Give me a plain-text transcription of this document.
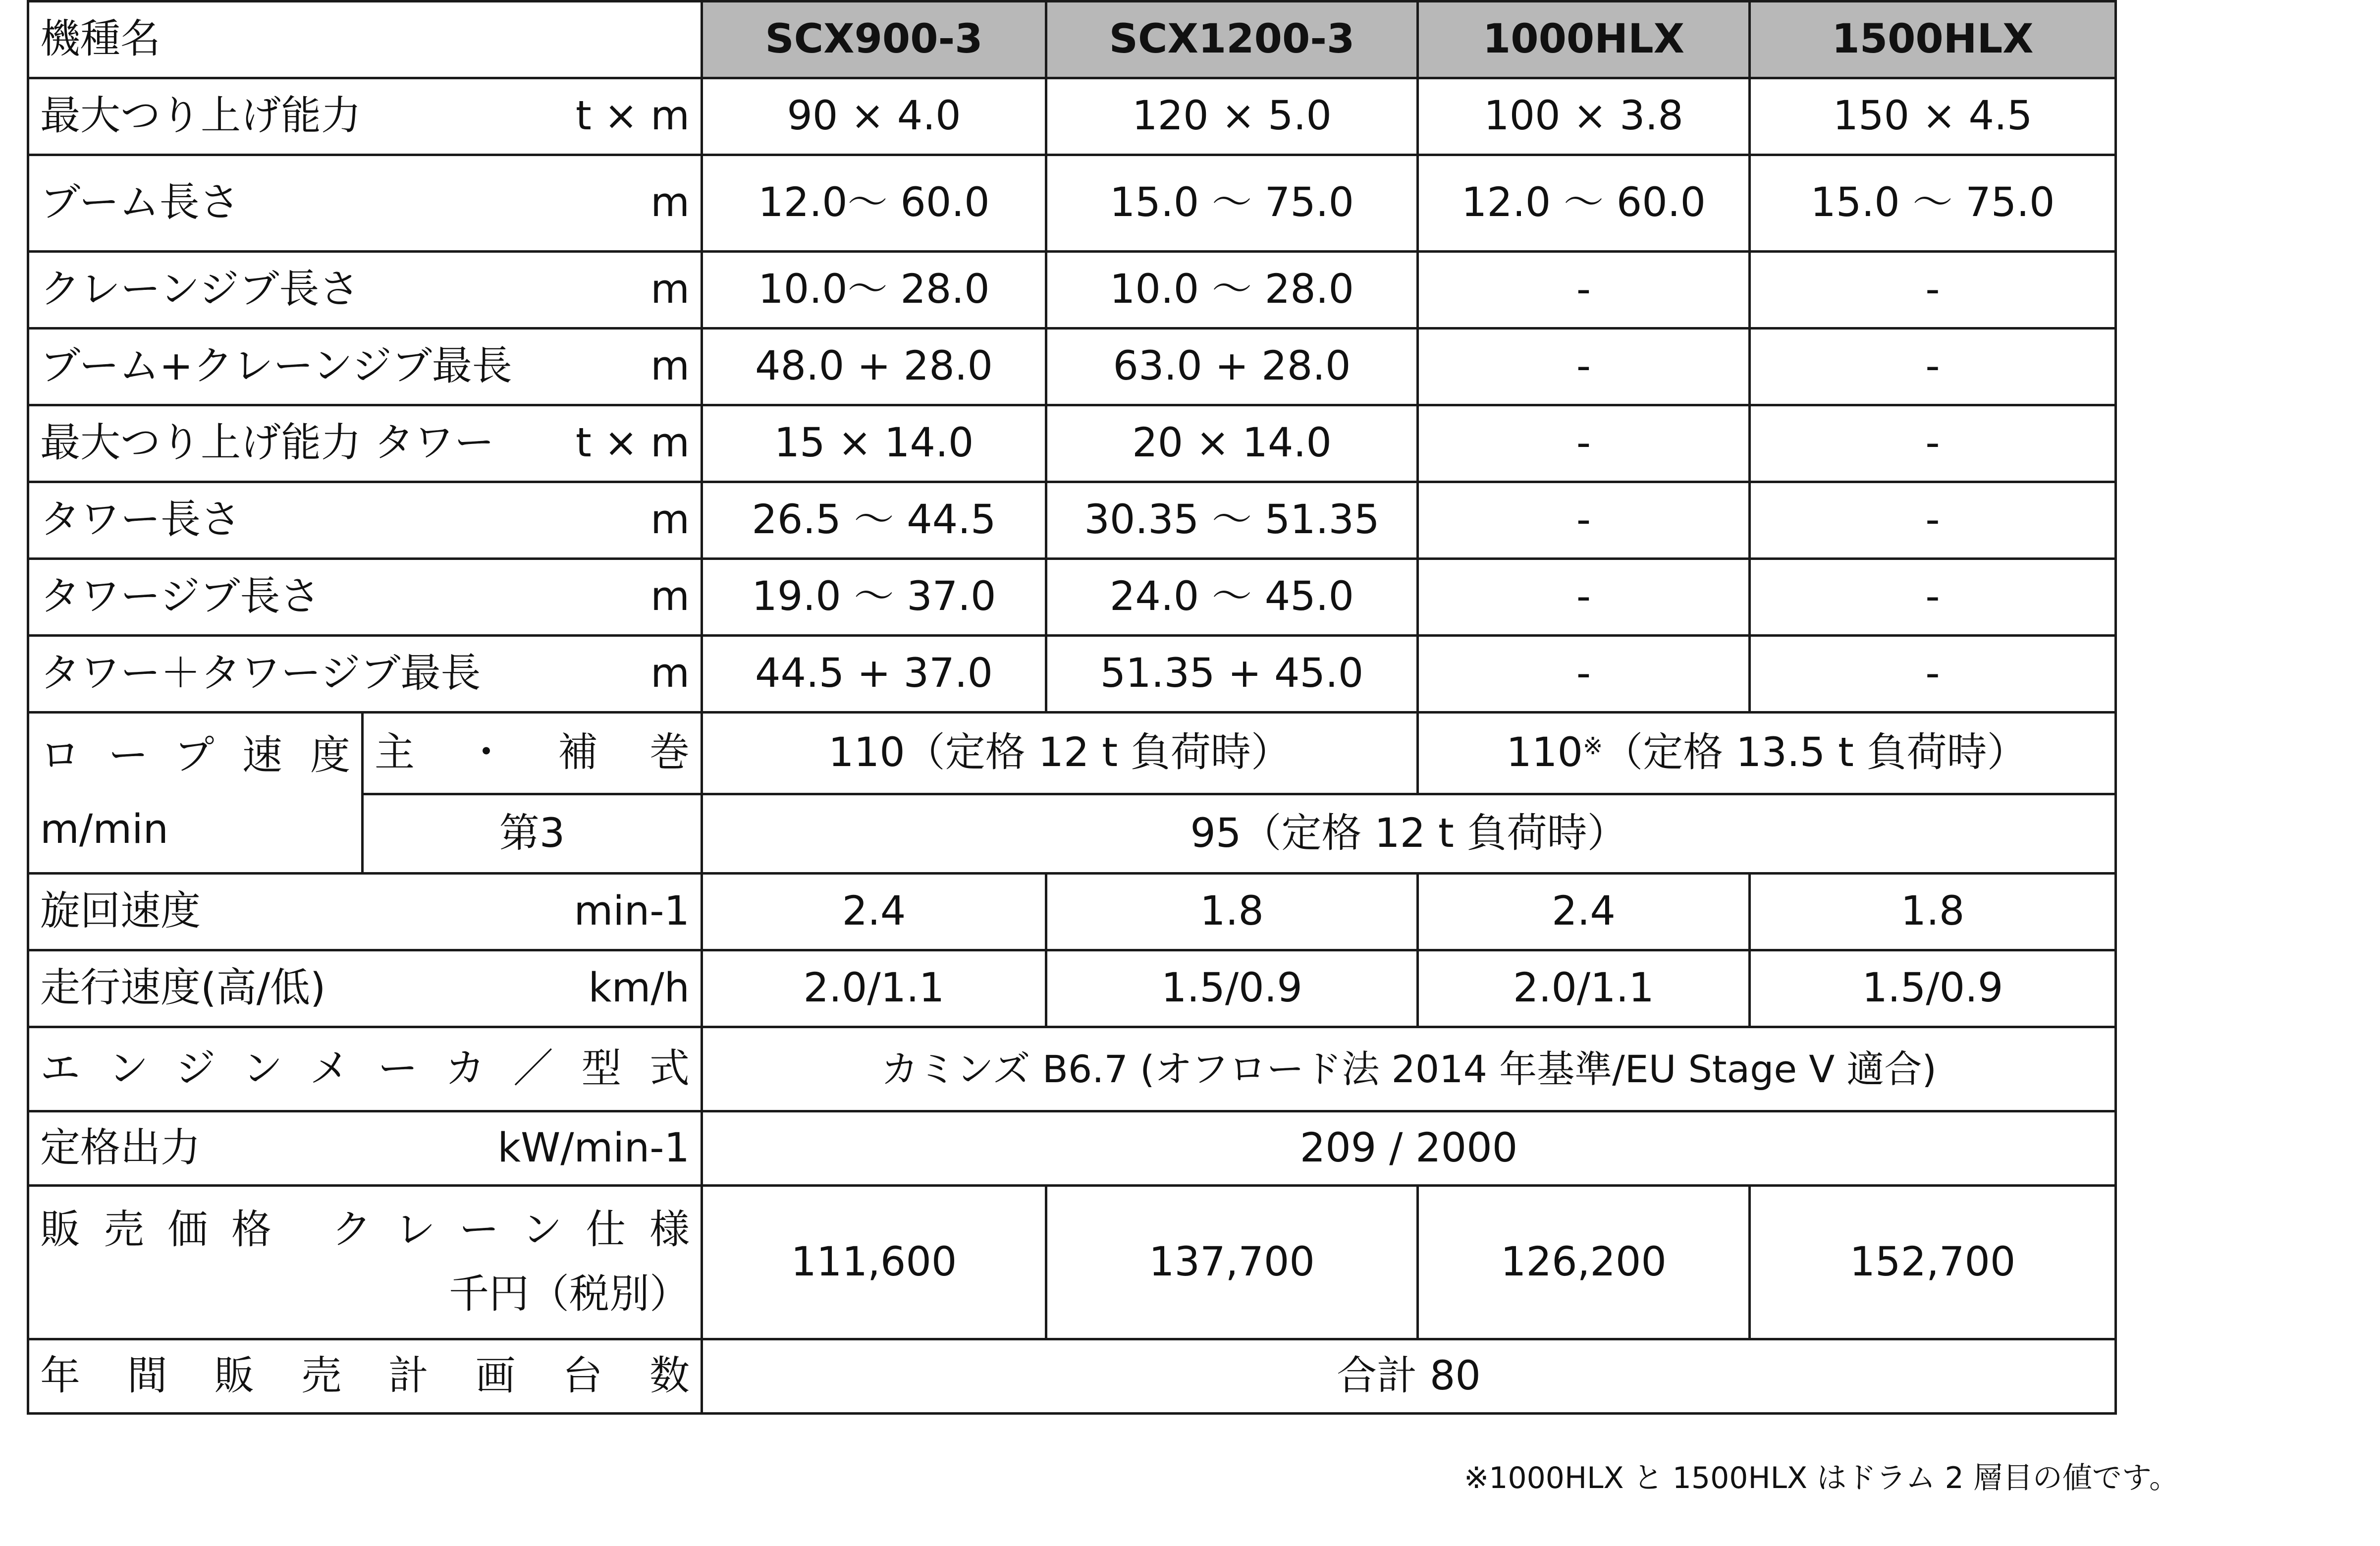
機種名		SCX900-3	SCX1200-3	1000HLX	1500HLX

最大つり上げ能力 t × m		90 × 4.0	120 × 5.0	100 × 3.8	150 × 4.5

ブーム長さ m		12.0〜 60.0	15.0 〜 75.0	12.0 〜 60.0	15.0 〜 75.0

クレーンジブ長さ m		10.0〜 28.0	10.0 〜 28.0	-	-

ブーム+クレーンジブ最長 m		48.0 + 28.0	63.0 + 28.0	-	-

最大つり上げ能力 タワー t × m		15 × 14.0	20 × 14.0	-	-

タワー長さ m		26.5 〜 44.5	30.35 〜 51.35	-	-

タワージブ長さ m		19.0 〜 37.0	24.0 〜 45.0	-	-

タワー＋タワージブ最長 m		44.5 + 37.0	51.35 + 45.0	-	-

ロープ速度
m/min	主・補巻	110（定格 12 t 負荷時）		110※（定格 13.5 t 負荷時）	
	第3	95（定格 12 t 負荷時）			

旋回速度 min-1		2.4	1.8	2.4	1.8

走行速度(高/低) km/h		2.0/1.1	1.5/0.9	2.0/1.1	1.5/0.9

エンジンメーカ／型式		カミンズ B6.7 (オフロード法 2014 年基準/EU Stage V 適合)			

定格出力 kW/min-1		209 / 2000			

販売価格 クレーン仕様
千円（税別）		111,600	137,700	126,200	152,700

年間販売計画台数		合計 80			
※1000HLX と 1500HLX はドラム 2 層目の値です。
